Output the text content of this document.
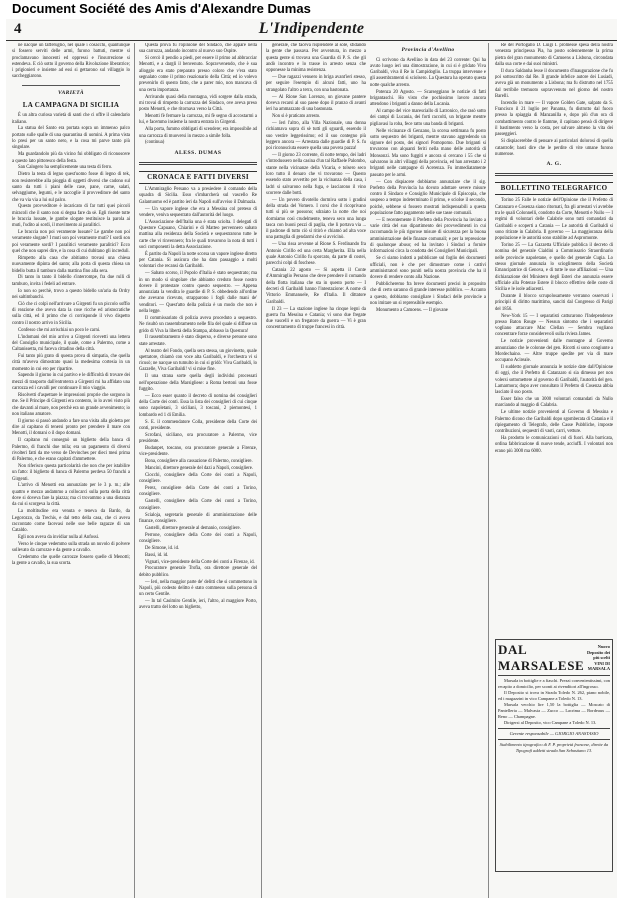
Document Société des Amis d'Alexandre Dumas
4	L'Indipendente

ne nacque un tafferuglio, nel quale i cosacchi, quantunque si fossero serviti delle armi, furono battuti, mentre si proclamavano innocenti ed oppressi e l'insurrezione si estendeva. E ciò sotto il governo della Rivoluzione liberatrice; i prigionieri e insieme ad essi si gettarono sul villaggio lo saccheggiarono.

VARIETÀ
LA CAMPAGNA DI SICILIA

È un altra curiosa varietà di santi che ci offre il calendario italiano.

La statua del Santo era portata sopra un immenso palco portato sulle spalle di una quarantina di uomini. A prima vista lo presi per un santo nero, e la cosa mi parve tanto più singolare.

Ma guardandolo più da vicino fui obbligato di riconoscere a questo lato pittoresco della festa.

San Calogero ha semplicemente una testa di ferro.

Dietro la testa di legno quest'uomo fosse di legno di tek, non resisterebbe alla pioggia di oggetti diversi che cadono sul santo da tutti i piani delle case, pane, carne, salati, selvaggiume, legumi, e le raccoglie il provveditore del santo che va via via a lui sul palco.

Questo provveditore è incaricato di far tutti quei piccoli miracoli che il santo non si degna fare da sè. Egli risente tutte le braccia lussate, le gambe slogate restituisce la parola ai muti, l'udito ai sordi, il movimento ai paralitici.

Le braccia non poi veramente lussate? Le gambe non poi veramente slogate? I muti son poi veramente muti? I sordi son poi veramente sordi? I paralitici veramente paralitici? Ecco quel che non saprei dire, e la cosa di cui dubitano gli increduli.

Rimpetto alla casa che abitiamo trovasi una chiesa nuovamente dipinta del santo; alla porta di questa chiesa un bidello butta il tamburo dalla mattina fino alla sera.

Di tanto in tanto il bidello s'interrompe, fra due rulli di tamburo, invita i fedeli ad entrare.

Io non so perchè, trovo a questo bidello un'aria da Ordry nei saltimbanchi.

Ciò che ci colpì nell'arrivare a Girgenti fu un piccolo soffio di reazione che aveva data la cose ricche ed aristocratiche sulla città, ed il primo che ci corrisponde il vivo dispetto contro il nostro arrivo in Sicilia.

Confesso che mi arrischiai un poco le carni.

L'indomani del mio arrivo a Girgenti ricevetti una lettera del Consiglio municipale, il quale, come a Palermo, come a Caltanissetta, mi faceva cittadino della città.

Fui tanto più grato di questa prova di simpatia, che quella città m'aveva dimostrato quasi la medesima cortesia in un momento in cui ero per ripartire.

Sapendo il giorno in cui partivo e le difficoltà di trovare dei mezzi di trasporto dall'entroterra a Girgenti mi ha affidato una carrozza ed i cavalli per continuare il mio viaggio.

Risolvetti d'aspettare le impressioni proprie che sorgono in me. Se il Principe di Girgenti era contento, io lo avrei visto più che davanti al mare, non perchè era un grande avvenimento; io non italiano amatore.

Il giorno si passò andando a fare una visita alla gioletta per dire al capitano di tenersi pronto per prendere il mare con Menotti, il domani o il dopo domani.

Il capitano mi consegnò un biglietto della banca di Palermo, di franchi due mila; era un pagamento di diversi rivolteri fatti da me verso de Devinches per dieci mesi prima di Palermo, e che erano capitati d'ammettere.

Non riferisco questa particolarità che non che per istabilire un fatto: il biglietto di banca di Palermo perdeva 50 franchi a Girgenti.

L'arrivo di Menotti era annunziato per le 3 p. m.; alle quattro e mezzo andammo a collocarci sulla porta della città dove si doveva fare la piazza; ma ci trovammo a una distanza da cui si scorgeva la città.

La moltitudine era venuta e teneva da Bardo, da Legorozzo, da Trechis, e dal tetto della casa, che ci aveva raccontato come facevasi nelle sue belle ragazze di san Cataldo.

Egli non aveva da invidiar nulla al Anfossi.

Verso le cinque vedemmo sulla strada un nuvolo di polvere sollevato da carrozze e da gente a cavallo.

Credemmo che quelle carrozze fossero quelle di Menotti; la gente a cavallo, la sua scorta.

Questa prova fu l'opinione del Sindaco, che appare nella sua carrozza, andando incontro al nuovo suo Ospite.

Si cercò il pendio a piedi, per essere il primo ad abbracciar Menotti, e a dargli il benvenuto. Sopravvenendo, che è sua alloggio era stato preparato presso coloro che v'era stato segnalato come il primo reazionario della Città; ed io volevo prevenirlo di questo fatto, che a parer mio, non mancava di una certa importanza.

Arrivando quasi della montagna, vidi sorgere dalla strada, mi trovai di rimpetto la carrozza del Sindaco, ove aveva preso posto Menotti, e che ritornava verso la Città.

Menotti fè fermare la carrozza, mi fè segno di accostarmi a lui, e facemmo insieme la nostra entrata in Girgenti.

Alla porta, fummo obbligati di scendere; era impossibile ad una carrozza di muoversi in mezzo a simile folla.

(continua)

ALESS. DUMAS
CRONACA E FATTI DIVERSI

L'Ammiraglio Persano va a presiedere il comando della squadra di Sicilia. Esso s'imbarcherà sul vascello Re Galantuomo ed è partito ieri da Napoli sull'avviso il Dalmazia.

— Un vapore inglese che era a Messina col preteso di vendere, veniva sequestrato dall'autorità del luogo.

L'Associazione dell'Italia una è stata sciolta. I delegati di Questore Capuano, Chiarini e di Matteo pervennero sabato mattina alla residenza della Società e sequestrarono tutte le carte che vi rinvennero; fra le quali trovarono la nota di tutti i soci componenti la detta Associazione.

È partito da Napoli la notte scorsa un vapore inglese diretto per Catania. Si assicura che ha dato passaggio a molti volontari che recansi da Garibaldi.

— Sabato scorso, il Popolo d'Italia è stato sequestrato; ma in un modo sì singolare che abbiamo creduto fosse nostro dovere il protestare contro questo sequestro. — Appena annunziata la vendita le guardie di P. S. obbedendo all'ordine che avevano ricevuto, strapparono i fogli dalle mani de' venditori. — Quest'atto della polizia è un modo che non è nella legge.

Il commissariato di polizia aveva proceduto a sequestro. Ne risultò un rassembramento nelle fila del quale si diffuse un grido di Viva la libertà della Stampa, abbasso la Questura!

Il rassembramento è stato disperso, e diverse persone sono state arrestate.

Al teatro del Fondo, quella sera stessa, un giovinetto, quale spettatore, chiamò con voce alta Garibaldi, e l'orchestra vi si ricusò; ne nacque un tumulto in cui si gridò: Viva Garibaldi, lo Gazzelle, Viva Garibaldi! vi si mise fine.

Il una strana sorte quella degli individui processati nell'operazione della Marsigliese: a Roma bertoni una fosse fuggito.

— Ecco esser quanto il decreto di nomina dei consiglieri della Corte dei conti. Essa la lista dei consiglieri di cui cinque sono napoletani, 3 siciliani, 3 toscani, 2 piemontesi, 1 lombardo ed 1 di Emilia.

S. E. il commendatore Colla, presidente della Corte dei conti, presidente.

Scrofani, siciliano, ora procuratore a Palermo, vice presidente.

Budanpet, toscano, ora procuratore generale a Firenze, vice-presidente.

Bona, consigliere alla cassazione di Palermo, consigliere.

Mancini, direttore generale del dazi a Napoli, consigliere.

Ciocchi, consigliere della Corte dei conti a Napoli, consigliere.

Perez, consigliere della Corte dei conti a Torino, consigliere.

Gastelli, consigliere della Corte dei conti a Torino, consigliere.

Scialoja, segretario generale di amministrazione delle finanze, consigliere.

Gastelli, direttore generale al demanio, consigliere.

Perrone, consigliere della Corte dei conti a Napoli, consigliere.

De Simone, id. id.

Bassi, id. id.

Vignati, vice-presidente della Corte dei conti a Firenze, id.

Procuratore generale Trofia, ora direttore generale del debito pubblico.

— Ieri, nella maggior parte de' delitti che si commettono in Napoli, più codesto delitto è stato commesso sulla persona di un certo Gentile.

— In tal Casimiro Gentile, ieri, l'altro, al maggiore Porto, aveva tratto del lotto un biglietto,

generale, che faceva risplendere al sole, sfidando la gente che passava. Per avventura, in mezzo a questa gente si trovava una Guardia di P. S. che gli andò incontro e lo trasse in arresto senza che opponesse la minima resistenza.

— Due ragazzi venuero in briga avant'ieri stesso, per seguire l'esempio di alcuni fatti, uno ha strangolato l'altro a terra, con una bastonata.

— Al Rione San Lorenzo, un giovane pantere doveva recarsi al suo paese dopo il pranzo di avanti ieri ha ammazzato di una bastonata.

Non si è praticato arresto.

— Ieri l'altro, alla Villa Nazionale, una donna richiamava sopra di sè tutti gli sguardi, essendo il suo vestire leggerissimo; ed il suo contegno più leggero ancora — Arrestata dalle guardie di P. S. fu poi riconosciuta essere quella una povera pazza!

— Il giorno 23 corrente, di notte tempo, dei ladri s'introdussero nella casina d'un tal Raffaele Palombo, stante nella vicinanze della Vicaria, e tolsero seco loro tutto il denaro che vi trovarono — Questo essendo stato avvertito per la vicinanza della casa, i ladri si salvarono nella fuga, e lasciarono il vino scorrere dalle botti.

— Un povero divotello dormiva sotto i gradini della strada del Vomero. I corsi che il ricoprivano tutti si più se possono; sdraiato la notte che noi dormiamo così crudelmente, teneva seco una lunga tasca con buoni pezzi di paglia, che li portava via ... il padrone di tutto ciò si ritirò e chiamò ad alta voce una pattuglia di gendarmi che si avvicinò.

— Una rissa avvenne al Rione S. Ferdinando fra Antonio Cirillo ed una certa Margherita. Ella nella quale Antonio Cirillo fu sporcato, da parte di costei, parecchi colpi di foschese.

Catania 22 agosto — Si aspetta il Conte d'Ammiraglio Persano che deve prendere il comando della flotta italiana che sta in questo porto — I decreti di Garibaldi hanno l'intestazione: A nome di Vittorio Emmanuele, Re d'Italia. Il dittatore Garibaldi.

Il 23 — La stazione inglese ha cinque legni da guerra fra Messina e Catania; vi sono due fregate due vascelli e un fregatore da guerra — Vi è gran concentramento di truppe francesi in città.

Provincia d'Avellino

Ci scrivono da Avellino in data del 23 corrente: Qui ha avuto luogo ieri una dimostrazione, in cui si è gridato Viva Garibaldi, viva il Re in Campidoglio. La truppa intervenne e gli assembramenti si sciolsero. La Questura ha operato questa notte qualche arresto.

Potenza 20 Agosto. — Scarseggiano le notizie di fatti brigantaschi. Ho visto che pochissimo lavoro ancora attendono i briganti a danno della Lucania.

Al campo del vice maresciallo di Latronico, che rasò sotto dei campi di Lucania, dei forti raccolti, un brigante mentre pigliavasi la roba, fece ratto una banda di briganti.

Nelle vicinanze di Genzano, la scorsa settimana fu posto sotto sequestro dei briganti, mentre stavano aggredendo un signore del posto, dei signori Pomopomo. Due briganti si trovarono con alquanti feriti nella mano delle autorità di Monsonzi. Ma sono fuggiti e ancora si cercano i 55 che si salvarono in altri villaggi della provincia, ed han arrestato i 2 briganti nelle campagne di Acerenza. Fu immediatamente passato per le armi.

— Con dispiacere dobbiamo annunziare che il sig. Prefetto della Provincia ha dovuto adottare severe misure contro il Sindaco e Consiglio Municipale di Episcopia, che sospeso a tempo indeterminato il primo, e sciolse il secondo, poichè, sebbene si fossero mostrati indispensabili a questa popolazione fatto pagamento nelle sue tasse comunali.

— E recentemente il Prefetto della Provincia ha inviato a varie città del suo dipartimento dei provvedimenti in cui raccomanda le più rigorose misure di sicurezza per la buona amministrazione delle finanze comunali; e per la repressione di qualunque abuso; ed ha invitato i Sindaci a fornire informazioni circa la condotta dei Consiglieri Municipali.

Se ci siamo indotti a pubblicare sul foglio dei documenti ufficiali, non è che per dimostrare come i cattivi amministratori sono puniti nella nostra provincia che ha il dovere di rendere conto alla Nazione.

Pubblicheremo fra breve documenti precisi in proposito che di certo saranno di grande interesse pubblico. — Accanto a questo, dobbiamo consigliare i Sindaci delle provincie a non imitare un sì reprensibile esempio.

Monumento a Camoens. — Il giovane

Re del Portogallo D. Luigi I. promesse spesa della nostra venerata principessa Pia, ha posto solennemente la prima pietra del gran monumento di Camoens a Lisbona, circondata dalla sua corte e dai suoi ministri.

Il duca Saldanha lesse il documento d'inaugurazione che fu poi sottoscritto dal Re. Il grande infelice autore dei Lusiadi, aveva già un monumento a Lisbona; ma fu distrutto nel 1755 dal terribile tremuoto sopravvenuto nel giorno del nostro Barelli.

Incendio in mare — Il vapore Golden Gate, salpato da S. Francisco il 21 luglio per Panama, fu distrutto dal fuoco presso la spiaggia di Manzanilla e, dopo più d'un ora di combattimento contro le fiamme, il capitano pensò di dirigere il bastimento verso la costa, per salvare almeno la vita dei passeggieri.

Si dispiacerebbe di pensare ai particolari dolorosi di quella catastrofe; basti dire che le perdite di vite umane furono numerose.

A. G.
BOLLETTINO TELEGRAFICO

Torino 25 Falle le notizie dell'Opinione che il Prefetto di Catanzaro e Cosenza siano ritornati, fra gli arrestati vi avrebbe tra le quali Colonnelli, condotto da Corte, Menotti e Nullo — I regimi di volontari delle Calabrie sono tutti comandati da Garibaldi e scoperti a Catania — Le autorità di Garibaldi si sono ritirate in Calabria. Il governo — La maggioranza della popolazione e le autorità sono stabilite ad Aspromonte.

Torino 25 — La Gazzetta Ufficiale pubblica il decreto di nomina del generale Cialdini a Commissario Straordinario nelle provincie napoletane, e quello del generale Cugia. Lo stesso giornale annunzia lo scioglimento della Società Emancipatrice di Genova, e di tutte le sue affiliazioni — Una dichiarazione del Ministero degli Esteri che annunzia essere ufficiale alla Potenze Estere il blocco effettivo delle coste di Sicilia e le isole adiacenti.

Durante il blocco scrupolosamente verranno osservati i principii di diritto marittimo, sanciti dal Congresso di Parigi del 1856.

New-York 15 — I separatisti catturarono l'Independence presso Baton Rouge — Nessun sintomo che i separatisti vogliano attaccare Mac Clellan — Sembra vogliano concentrare forze considerevoli sulla riviera James.

Le notizie provenienti dalle montagne al Governo annunziano che le colonne del gen. Ricotti si sono congiunte a Mordechaino. — Altre truppe spedite per via di mare occupano Acireale.

Il suddetto giornale annunzia le notizie date dall'Opinione di oggi, che il Prefetto di Catanzaro si sia dimesso per non volersi sottomettere al governo di Garibaldi, l'autorità del gen. Lamarmora; dopo aver consultato il Prefetto di Cosenza abbia lasciato il suo posto.

Esser falso che un 3000 volontari comandati da Nullo marciando al maggio di Calabria.

Le ultime notizie provenienti al Governo di Messina e Palermo dicono che Garibaldi dopo sgomberata di Catania e il ripiegamento di Telegrafo, delle Casse Pubbliche, imposte contribuzioni, sequestri di vasti, carri, vetture.

Ha prodotto le comunicazioni col di fuori. Alla barricata, ordina fabbricazione di nuove tende, acciuffi. I volontari non erano più 3000 ma 6000.

DAL MARSALESE
Nuovo Deposito dei più scelti VINI DI MARSALA

Marsala in bottiglie e a fiaschi. Prezzi convenientissimi, con recapito a domicilio, per sconti ai rivenditori all'ingrosso.

Il Deposito si trova in Strada Toledo N. 262, piano nobile, ed i magazzini in vico Campane a Toledo N. 13.

Marsala vecchio lire 1,50 la bottiglia — Moscato di Pantelleria — Malvasia — Zucco — Lacrima — Bordeaux — Reno — Champagne.

Dirigersi al Deposito, vico Campane a Toledo N. 13.

Gerente responsabile — GIORGIO ANASTASIO
Stabilimento tipografico di F. P. proprietà francese, dirette da Tipografi addetti strada San Sebastiano 13.
